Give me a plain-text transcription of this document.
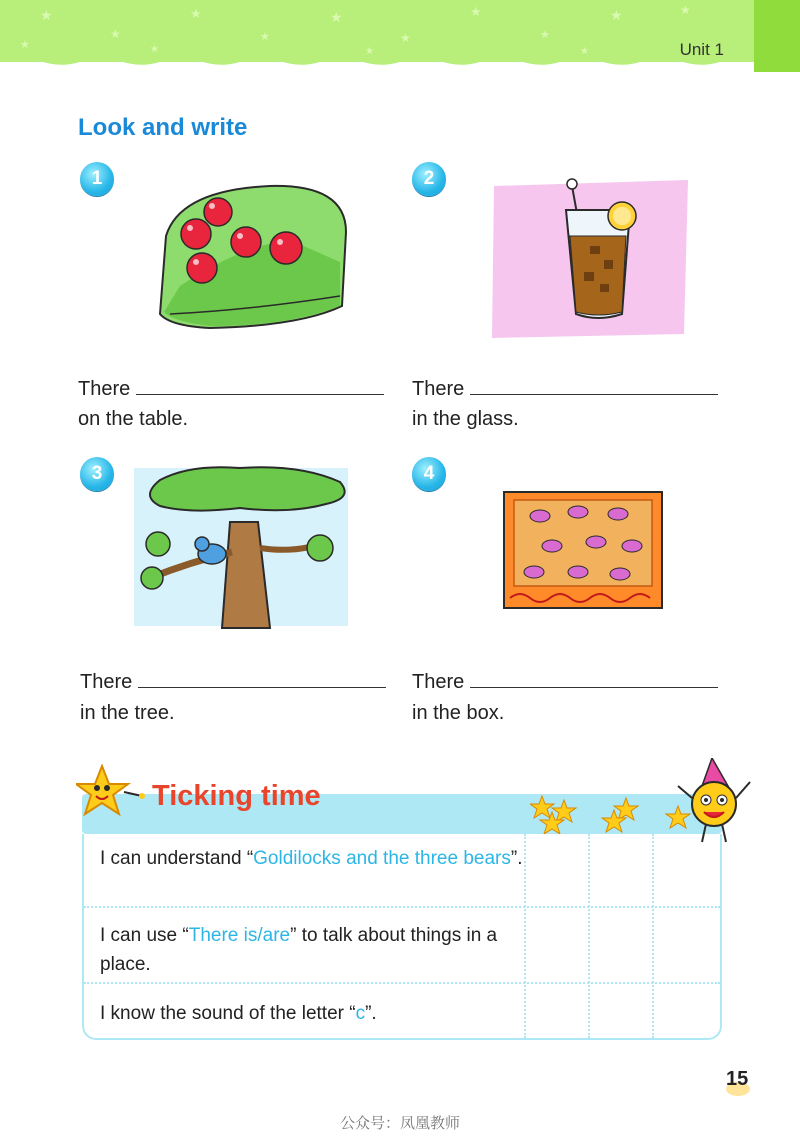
★
★
★
★
★
★
★
★
★	★
★	★	★	★	Unit 1
Look and write
1
There
on the table.
2
There
in the glass.
3
There
in the tree.
4
There
in the box.
Ticking time
I can understand “Goldilocks and the three bears”.
I can use “There is/are” to talk about things in a place.
I know the sound of the letter “c”.
15
公众号：凤凰教师
